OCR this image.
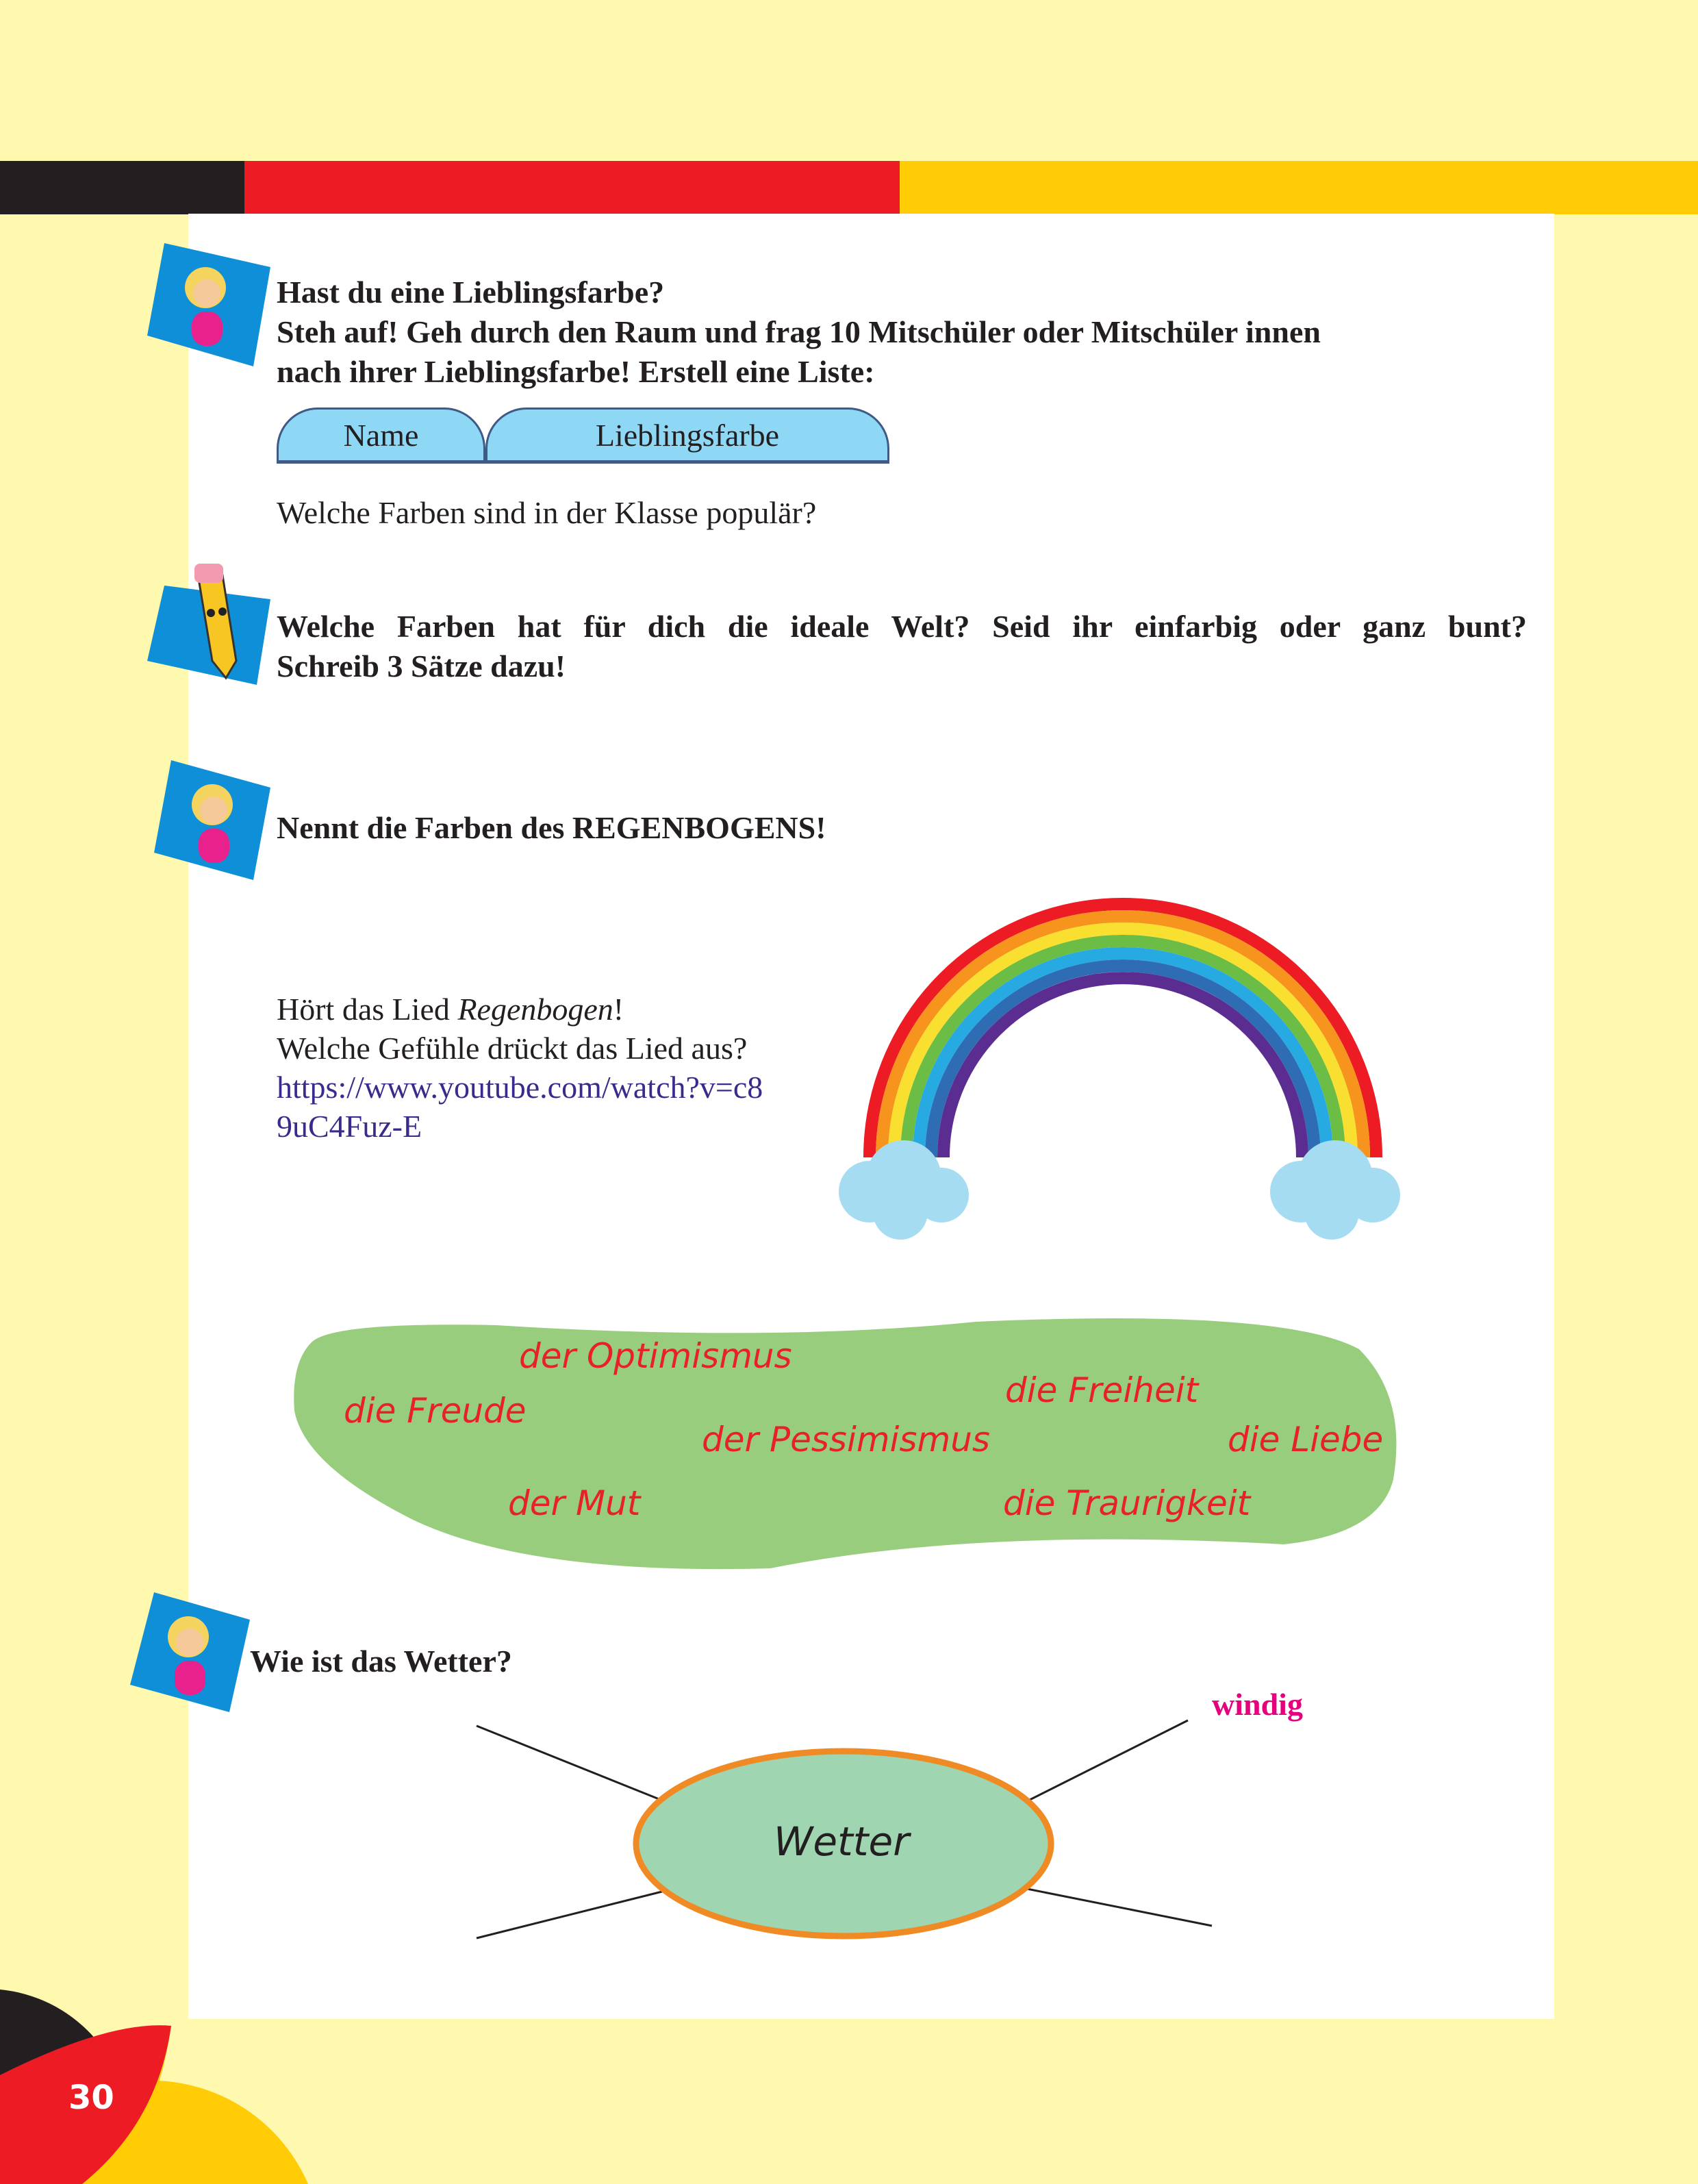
30
Hast du eine Lieblingsfarbe?
Steh auf! Geh durch den Raum und frag 10 Mitschüler oder Mitschüler innen
nach ihrer Lieblingsfarbe! Erstell eine Liste:
Name	Lieblingsfarbe
Welche Farben sind in der Klasse populär?
Welche Farben hat für dich die ideale Welt? Seid ihr einfarbig oder ganz bunt?
Schreib 3 Sätze dazu!
Nennt die Farben des REGENBOGENS!
Hört das Lied Regenbogen!
Welche Gefühle drückt das Lied aus?
https://www.youtube.com/watch?v=c8
9uC4Fuz-E
der Optimismus
die Freude
der Pessimismus
die Freiheit
die Liebe
der Mut	die Traurigkeit
Wie ist das Wetter?
Wetter
windig
